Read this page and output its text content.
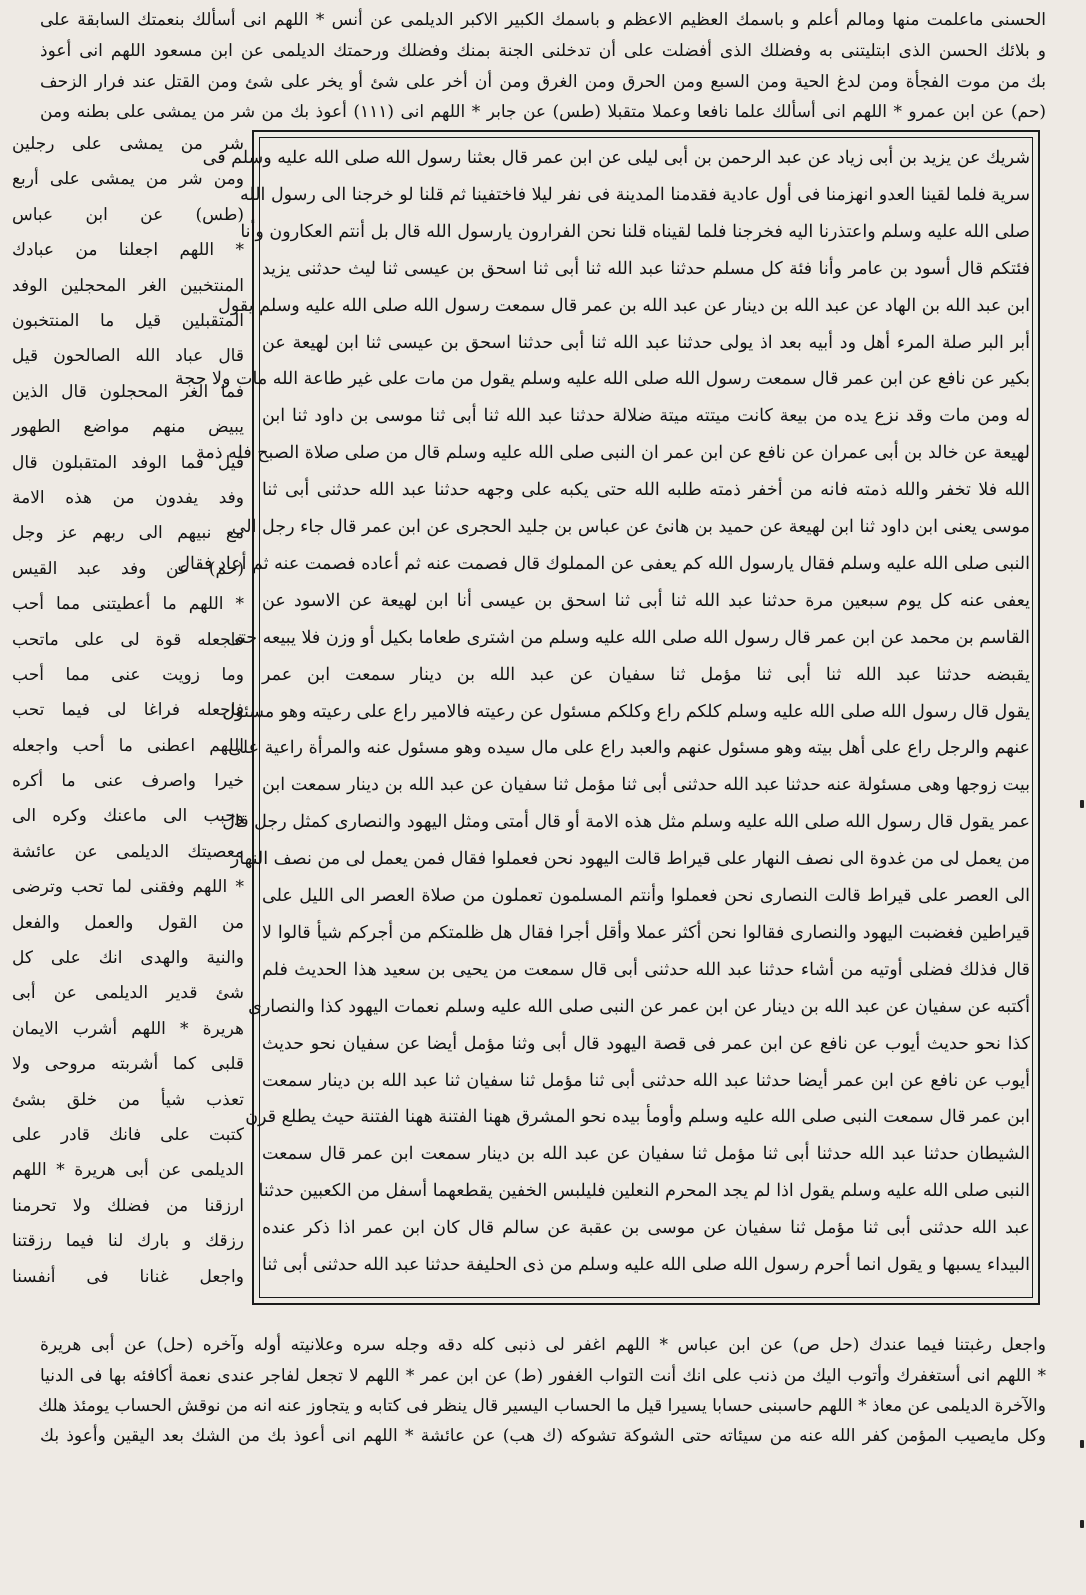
الحسنى ماعلمت منها ومالم أعلم و باسمك العظيم الاعظم و باسمك الكبير الاكبر الديلمى عن أنس * اللهم انى أسألك بنعمتك السابقة على
و بلائك الحسن الذى ابتليتنى به وفضلك الذى أفضلت على أن تدخلنى الجنة بمنك وفضلك ورحمتك الديلمى عن ابن مسعود اللهم انى أعوذ
بك من موت الفجأة ومن لدغ الحية ومن السبع ومن الحرق ومن الغرق ومن أن أخر على شئ أو يخر على شئ ومن القتل عند فرار الزحف
(حم) عن ابن عمرو * اللهم انى أسألك علما نافعا وعملا متقبلا (طس) عن جابر * اللهم انى (١١١) أعوذ بك من شر من يمشى على بطنه ومن
شريك عن يزيد بن أبى زياد عن عبد الرحمن بن أبى ليلى عن ابن عمر قال بعثنا رسول الله صلى الله عليه وسلم فى
سرية فلما لقينا العدو انهزمنا فى أول عادية فقدمنا المدينة فى نفر ليلا فاختفينا ثم قلنا لو خرجنا الى رسول الله
صلى الله عليه وسلم واعتذرنا اليه فخرجنا فلما لقيناه قلنا نحن الفرارون يارسول الله قال بل أنتم العكارون وأنا
فئتكم قال أسود بن عامر وأنا فئة كل مسلم حدثنا عبد الله ثنا أبى ثنا اسحق بن عيسى ثنا ليث حدثنى يزيد
ابن عبد الله بن الهاد عن عبد الله بن دينار عن عبد الله بن عمر قال سمعت رسول الله صلى الله عليه وسلم يقول
أبر البر صلة المرء أهل ود أبيه بعد اذ يولى حدثنا عبد الله ثنا أبى حدثنا اسحق بن عيسى ثنا ابن لهيعة عن
بكير عن نافع عن ابن عمر قال سمعت رسول الله صلى الله عليه وسلم يقول من مات على غير طاعة الله مات ولا حجة
له ومن مات وقد نزع يده من بيعة كانت ميتته ميتة ضلالة حدثنا عبد الله ثنا أبى ثنا موسى بن داود ثنا ابن
لهيعة عن خالد بن أبى عمران عن نافع عن ابن عمر ان النبى صلى الله عليه وسلم قال من صلى صلاة الصبح فله ذمة
الله فلا تخفر والله ذمته فانه من أخفر ذمته طلبه الله حتى يكبه على وجهه حدثنا عبد الله حدثنى أبى ثنا
موسى يعنى ابن داود ثنا ابن لهيعة عن حميد بن هانئ عن عباس بن جليد الحجرى عن ابن عمر قال جاء رجل الى
النبى صلى الله عليه وسلم فقال يارسول الله كم يعفى عن المملوك قال فصمت عنه ثم أعاده فصمت عنه ثم أعاد فقال
يعفى عنه كل يوم سبعين مرة حدثنا عبد الله ثنا أبى ثنا اسحق بن عيسى أنا ابن لهيعة عن الاسود عن
القاسم بن محمد عن ابن عمر قال رسول الله صلى الله عليه وسلم من اشترى طعاما بكيل أو وزن فلا يبيعه حتى
يقبضه حدثنا عبد الله ثنا أبى ثنا مؤمل ثنا سفيان عن عبد الله بن دينار سمعت ابن عمر
يقول قال رسول الله صلى الله عليه وسلم كلكم راع وكلكم مسئول عن رعيته فالامير راع على رعيته وهو مسئول
عنهم والرجل راع على أهل بيته وهو مسئول عنهم والعبد راع على مال سيده وهو مسئول عنه والمرأة راعية على
بيت زوجها وهى مسئولة عنه حدثنا عبد الله حدثنى أبى ثنا مؤمل ثنا سفيان عن عبد الله بن دينار سمعت ابن
عمر يقول قال رسول الله صلى الله عليه وسلم مثل هذه الامة أو قال أمتى ومثل اليهود والنصارى كمثل رجل قال
من يعمل لى من غدوة الى نصف النهار على قيراط قالت اليهود نحن فعملوا فقال فمن يعمل لى من نصف النهار
الى العصر على قيراط قالت النصارى نحن فعملوا وأنتم المسلمون تعملون من صلاة العصر الى الليل على
قيراطين فغضبت اليهود والنصارى فقالوا نحن أكثر عملا وأقل أجرا فقال هل ظلمتكم من أجركم شيأ قالوا لا
قال فذلك فضلى أوتيه من أشاء حدثنا عبد الله حدثنى أبى قال سمعت من يحيى بن سعيد هذا الحديث فلم
أكتبه عن سفيان عن عبد الله بن دينار عن ابن عمر عن النبى صلى الله عليه وسلم نعمات اليهود كذا والنصارى
كذا نحو حديث أيوب عن نافع عن ابن عمر فى قصة اليهود قال أبى وثنا مؤمل أيضا عن سفيان نحو حديث
أيوب عن نافع عن ابن عمر أيضا حدثنا عبد الله حدثنى أبى ثنا مؤمل ثنا سفيان ثنا عبد الله بن دينار سمعت
ابن عمر قال سمعت النبى صلى الله عليه وسلم وأومأ بيده نحو المشرق ههنا الفتنة ههنا الفتنة حيث يطلع قرن
الشيطان حدثنا عبد الله حدثنا أبى ثنا مؤمل ثنا سفيان عن عبد الله بن دينار سمعت ابن عمر قال سمعت
النبى صلى الله عليه وسلم يقول اذا لم يجد المحرم النعلين فليلبس الخفين يقطعهما أسفل من الكعبين حدثنا
عبد الله حدثنى أبى ثنا مؤمل ثنا سفيان عن موسى بن عقبة عن سالم قال كان ابن عمر اذا ذكر عنده
البيداء يسبها و يقول انما أحرم رسول الله صلى الله عليه وسلم من ذى الحليفة حدثنا عبد الله حدثنى أبى ثنا
شر من يمشى على رجلين
ومن شر من يمشى على أربع
(طس) عن ابن عباس
* اللهم اجعلنا من عبادك
المنتخبين الغر المحجلين الوفد
المتقبلين قيل ما المنتخبون
قال عباد الله الصالحون قيل
فما الغر المحجلون قال الذين
يبيض منهم مواضع الطهور
قيل فما الوفد المتقبلون قال
وفد يفدون من هذه الامة
مع نبيهم الى ربهم عز وجل
(حم) عن وفد عبد القيس
* اللهم ما أعطيتنى مما أحب
فاجعله قوة لى على ماتحب
وما زويت عنى مما أحب
فاجعله فراغا لى فيما تحب
اللهم اعطنى ما أحب واجعله
خيرا واصرف عنى ما أكره
وحبب الى ماعنك وكره الى
معصيتك الديلمى عن عائشة
* اللهم وفقنى لما تحب وترضى
من القول والعمل والفعل
والنية والهدى انك على كل
شئ قدير الديلمى عن أبى
هريرة * اللهم أشرب الايمان
قلبى كما أشربته مروحى ولا
تعذب شيأ من خلق بشئ
كتبت على فانك قادر على
الديلمى عن أبى هريرة * اللهم
ارزقنا من فضلك ولا تحرمنا
رزقك و بارك لنا فيما رزقتنا
واجعل غنانا فى أنفسنا
واجعل رغبتنا فيما عندك (حل ص) عن ابن عباس * اللهم اغفر لى ذنبى كله دقه وجله سره وعلانيته أوله وآخره (حل) عن أبى هريرة
* اللهم انى أستغفرك وأتوب اليك من ذنب على انك أنت التواب الغفور (ط) عن ابن عمر * اللهم لا تجعل لفاجر عندى نعمة أكافئه بها فى الدنيا
والآخرة الديلمى عن معاذ * اللهم حاسبنى حسابا يسيرا قيل ما الحساب اليسير قال ينظر فى كتابه و يتجاوز عنه انه من نوقش الحساب يومئذ هلك
وكل مايصيب المؤمن كفر الله عنه من سيئاته حتى الشوكة تشوكه (ك هب) عن عائشة * اللهم انى أعوذ بك من الشك بعد اليقين وأعوذ بك
